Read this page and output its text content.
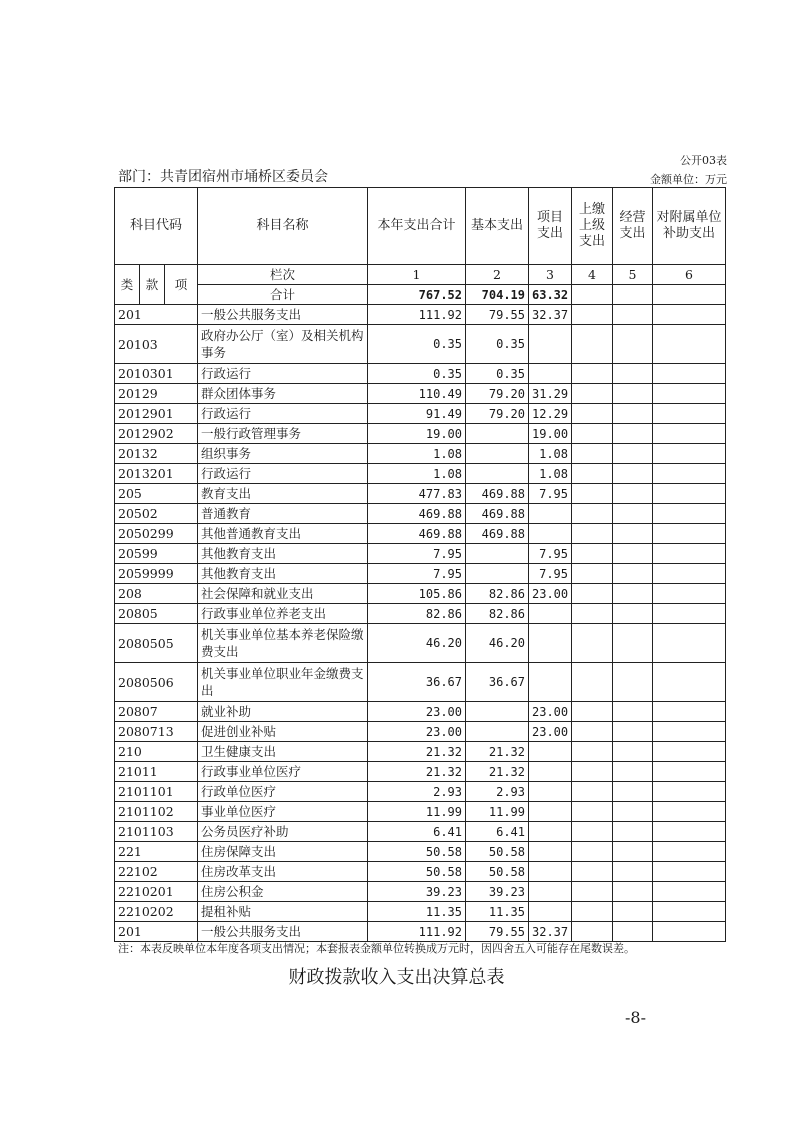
公开03表
部门：共青团宿州市埇桥区委员会	金额单位：万元
科目代码			科目名称	本年支出合计	基本支出	项目支出	上缴上级支出	经营支出	对附属单位补助支出
类	款	项	栏次	1	2	3	4	5	6
			合计	767.52	704.19	63.32			
201			一般公共服务支出	111.92	79.55	32.37			
20103			政府办公厅（室）及相关机构事务	0.35	0.35				
2010301			行政运行	0.35	0.35				
20129			群众团体事务	110.49	79.20	31.29			
2012901			行政运行	91.49	79.20	12.29			
2012902			一般行政管理事务	19.00		19.00			
20132			组织事务	1.08		1.08			
2013201			行政运行	1.08		1.08			
205			教育支出	477.83	469.88	7.95			
20502			普通教育	469.88	469.88				
2050299			其他普通教育支出	469.88	469.88				
20599			其他教育支出	7.95		7.95			
2059999			其他教育支出	7.95		7.95			
208			社会保障和就业支出	105.86	82.86	23.00			
20805			行政事业单位养老支出	82.86	82.86				
2080505			机关事业单位基本养老保险缴费支出	46.20	46.20				
2080506			机关事业单位职业年金缴费支出	36.67	36.67				
20807			就业补助	23.00		23.00			
2080713			促进创业补贴	23.00		23.00			
210			卫生健康支出	21.32	21.32				
21011			行政事业单位医疗	21.32	21.32				
2101101			行政单位医疗	2.93	2.93				
2101102			事业单位医疗	11.99	11.99				
2101103			公务员医疗补助	6.41	6.41				
221			住房保障支出	50.58	50.58				
22102			住房改革支出	50.58	50.58				
2210201			住房公积金	39.23	39.23				
2210202			提租补贴	11.35	11.35				
201			一般公共服务支出	111.92	79.55	32.37			
注：本表反映单位本年度各项支出情况；本套报表金额单位转换成万元时，因四舍五入可能存在尾数误差。
财政拨款收入支出决算总表
-8-
